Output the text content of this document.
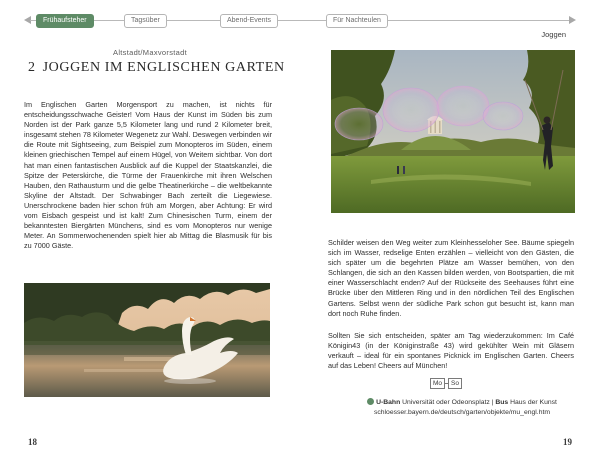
Frühaufsteher	Tagsüber	Abend-Events	Für Nachteulen
Joggen
Altstadt/Maxvorstadt
2 JOGGEN IM ENGLISCHEN GARTEN
Im Englischen Garten Morgensport zu machen, ist nichts für entscheidungsschwache Geister! Vom Haus der Kunst im Süden bis zum Norden ist der Park ganze 5,5 Kilometer lang und rund 2 Kilometer breit, insgesamt stehen 78 Kilometer Wegenetz zur Wahl. Deswegen verbinden wir die Route mit Sightseeing, zum Beispiel zum Monopteros im Süden, einem kleinen griechischen Tempel auf einem Hügel, von Weitem sichtbar. Von dort hat man einen fantastischen Ausblick auf die Kuppel der Staatskanzlei, die Spitze der Peterskirche, die Türme der Frauenkirche mit ihren Welschen Hauben, den Rathausturm und die gelbe Theatinerkirche – die weltbekannte Skyline der Altstadt. Der Schwabinger Bach zerteilt die Liegewiese. Unerschrockene baden hier schon früh am Morgen, aber Achtung: Er wird vom Eisbach gespeist und ist kalt! Zum Chinesischen Turm, einem der bekanntesten Biergärten Münchens, sind es vom Monopteros nur wenige Meter. An Sommerwochenenden spielt hier ab Mittag die Blasmusik für bis zu 7000 Gäste.
18
Schilder weisen den Weg weiter zum Kleinhesseloher See. Bäume spiegeln sich im Wasser, redselige Enten erzählen – vielleicht von den Gästen, die sich später um die begehrten Plätze am Wasser bemühen, von den Schlangen, die sich an den Kassen bilden werden, von Bootspartien, die mit einer Wasserschlacht enden? Auf der Rückseite des Seehauses führt eine Brücke über den Mittleren Ring und in den nördlichen Teil des Englischen Gartens. Selbst wenn der südliche Park schon gut besucht ist, kann man dort noch Ruhe finden.
Sollten Sie sich entscheiden, später am Tag wiederzukommen: Im Café Königin43 (in der Königinstraße 43) wird gekühlter Wein mit Gläsern verkauft – ideal für ein spontanes Picknick im Englischen Garten. Cheers auf das Leben! Cheers auf München!
Mo	So
U-Bahn Universität oder Odeonsplatz | Bus Haus der Kunst
schloesser.bayern.de/deutsch/garten/objekte/mu_engl.htm
19
